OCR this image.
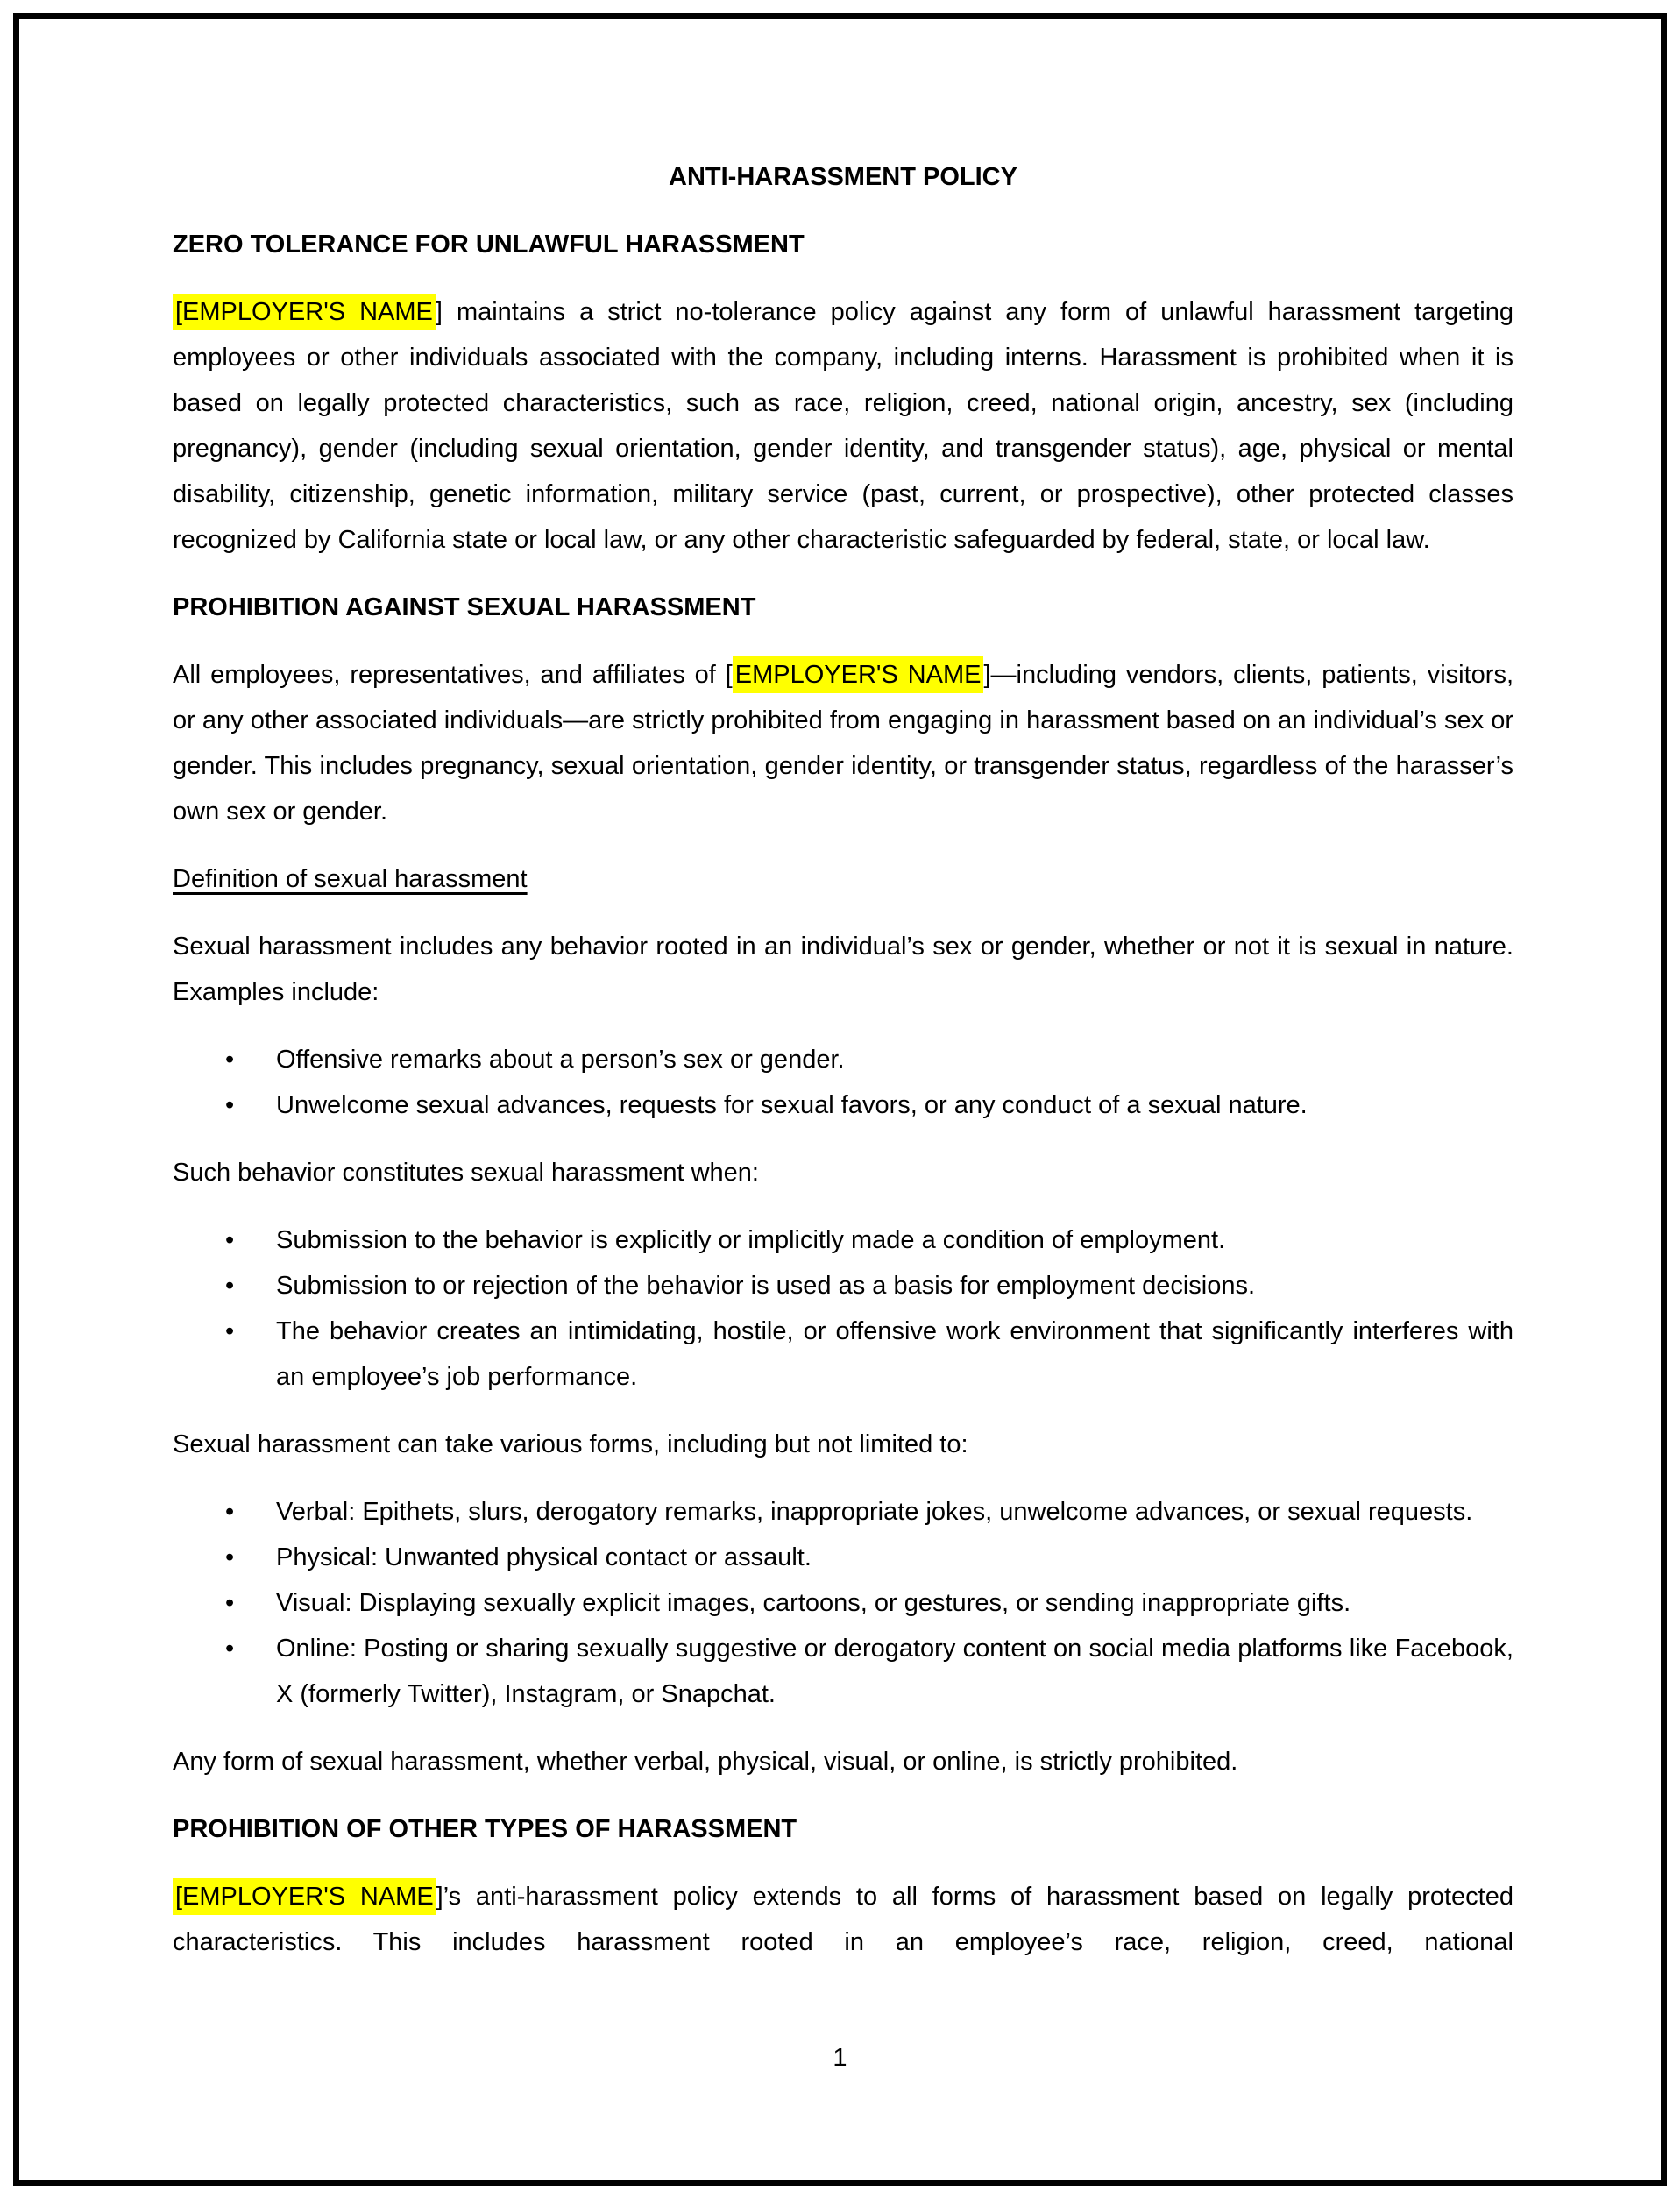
ANTI-HARASSMENT POLICY

ZERO TOLERANCE FOR UNLAWFUL HARASSMENT

[EMPLOYER'S NAME ] maintains a strict no-tolerance policy against any form of unlawful harassment targeting employees or other individuals associated with the company, including interns. Harassment is prohibited when it is based on legally protected characteristics, such as race, religion, creed, national origin, ancestry, sex (including pregnancy), gender (including sexual orientation, gender identity, and transgender status), age, physical or mental disability, citizenship, genetic information, military service (past, current, or prospective), other protected classes recognized by California state or local law, or any other characteristic safeguarded by federal, state, or local law.

PROHIBITION AGAINST SEXUAL HARASSMENT

All employees, representatives, and affiliates of [ EMPLOYER'S NAME ]—including vendors, clients, patients, visitors, or any other associated individuals—are strictly prohibited from engaging in harassment based on an individual’s sex or gender. This includes pregnancy, sexual orientation, gender identity, or transgender status, regardless of the harasser’s own sex or gender.

Definition of sexual harassment

Sexual harassment includes any behavior rooted in an individual’s sex or gender, whether or not it is sexual in nature. Examples include:

• Offensive remarks about a person’s sex or gender.
• Unwelcome sexual advances, requests for sexual favors, or any conduct of a sexual nature.

Such behavior constitutes sexual harassment when:

• Submission to the behavior is explicitly or implicitly made a condition of employment.
• Submission to or rejection of the behavior is used as a basis for employment decisions.
• The behavior creates an intimidating, hostile, or offensive work environment that significantly interferes with an employee’s job performance.

Sexual harassment can take various forms, including but not limited to:

• Verbal: Epithets, slurs, derogatory remarks, inappropriate jokes, unwelcome advances, or sexual requests.
• Physical: Unwanted physical contact or assault.
• Visual: Displaying sexually explicit images, cartoons, or gestures, or sending inappropriate gifts.
• Online: Posting or sharing sexually suggestive or derogatory content on social media platforms like Facebook, X (formerly Twitter), Instagram, or Snapchat.

Any form of sexual harassment, whether verbal, physical, visual, or online, is strictly prohibited.

PROHIBITION OF OTHER TYPES OF HARASSMENT

[EMPLOYER'S NAME ]’s anti-harassment policy extends to all forms of harassment based on legally protected characteristics. This includes harassment rooted in an employee’s race, religion, creed, national

1
